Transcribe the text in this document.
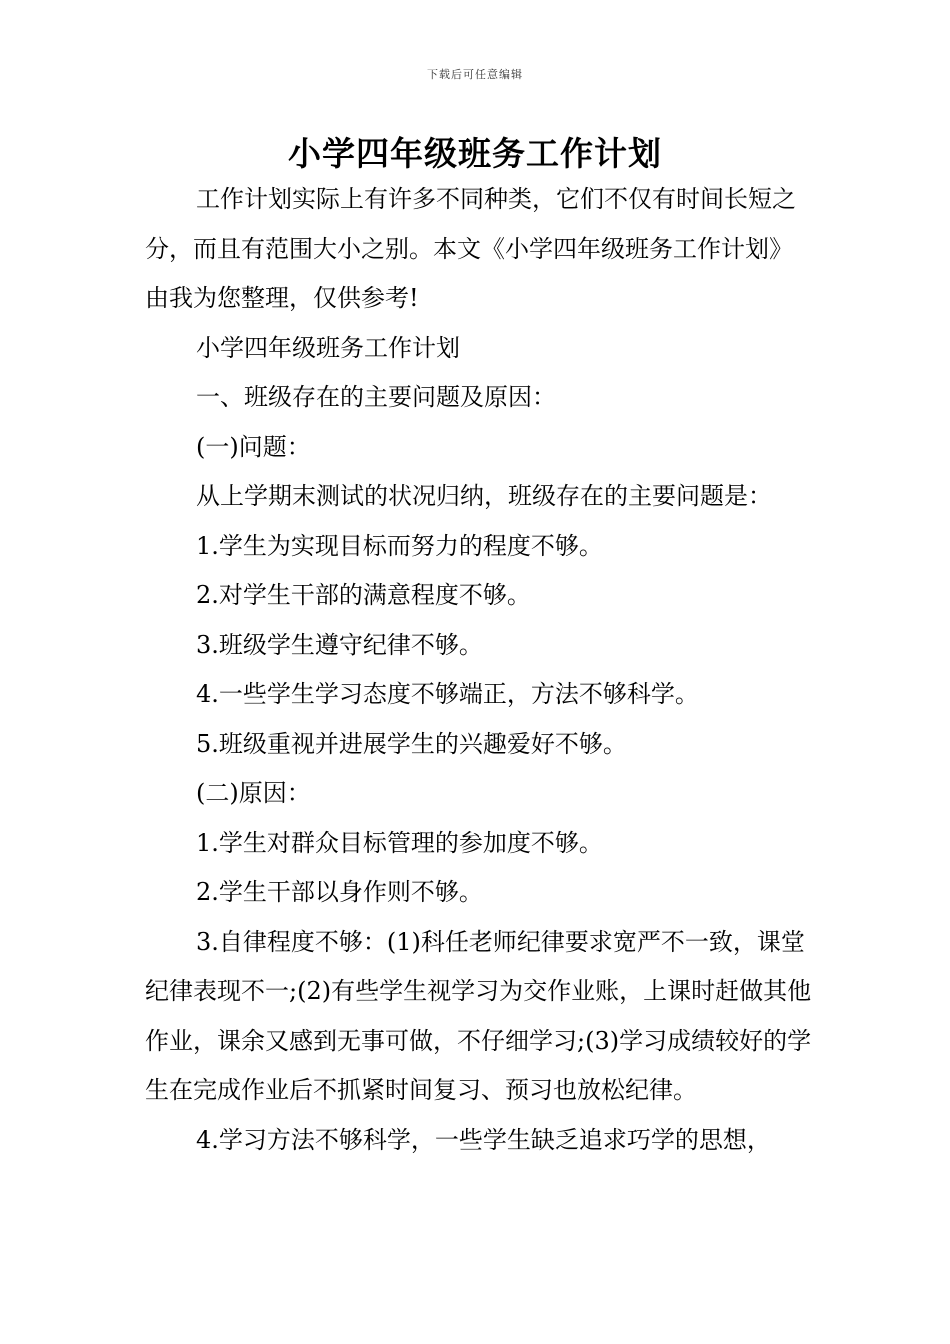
下载后可任意编辑
小学四年级班务工作计划

工作计划实际上有许多不同种类，它们不仅有时间长短之分，而且有范围大小之别。本文《小学四年级班务工作计划》由我为您整理，仅供参考!

小学四年级班务工作计划

一、班级存在的主要问题及原因：

(一)问题：

从上学期末测试的状况归纳，班级存在的主要问题是：

1.学生为实现目标而努力的程度不够。

2.对学生干部的满意程度不够。

3.班级学生遵守纪律不够。

4.一些学生学习态度不够端正，方法不够科学。

5.班级重视并进展学生的兴趣爱好不够。

(二)原因：

1.学生对群众目标管理的参加度不够。

2.学生干部以身作则不够。

3.自律程度不够：(1)科任老师纪律要求宽严不一致，课堂纪律表现不一;(2)有些学生视学习为交作业账，上课时赶做其他作业，课余又感到无事可做，不仔细学习;(3)学习成绩较好的学生在完成作业后不抓紧时间复习、预习也放松纪律。

4.学习方法不够科学，一些学生缺乏追求巧学的思想，
